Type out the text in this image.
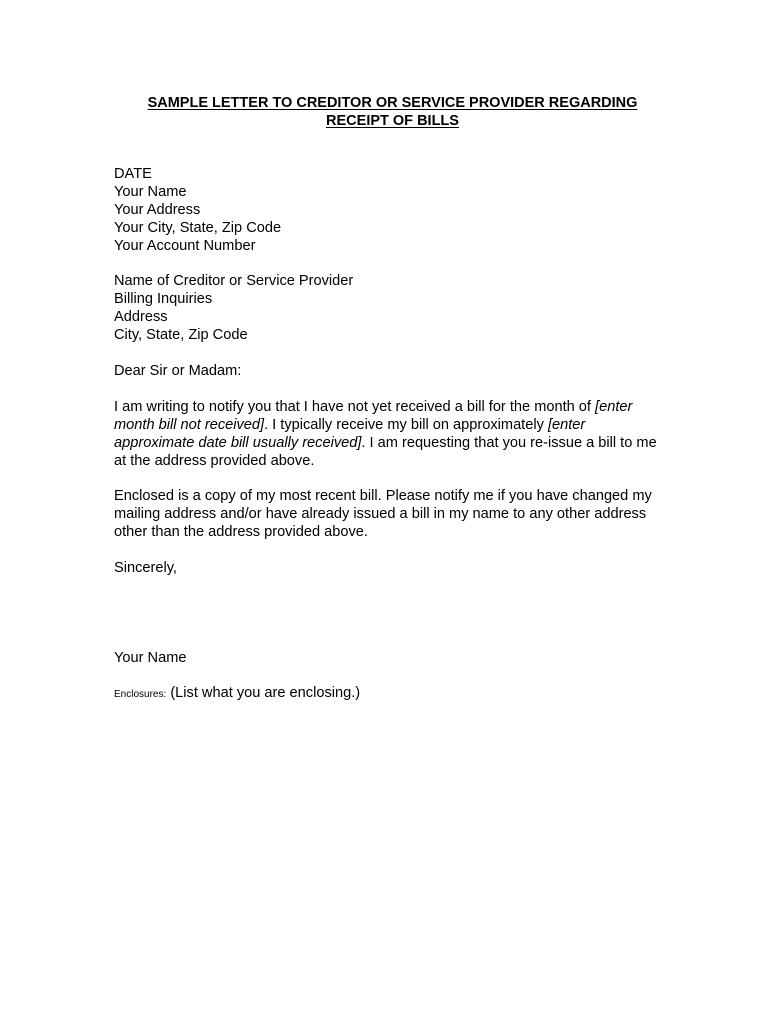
SAMPLE LETTER TO CREDITOR OR SERVICE PROVIDER REGARDING
RECEIPT OF BILLS
DATE
Your Name
Your Address
Your City, State, Zip Code
Your Account Number
Name of Creditor or Service Provider
Billing Inquiries
Address
City, State, Zip Code
Dear Sir or Madam:
I am writing to notify you that I have not yet received a bill for the month of [enter month bill not received]. I typically receive my bill on approximately [enter approximate date bill usually received]. I am requesting that you re-issue a bill to me at the address provided above.
Enclosed is a copy of my most recent bill. Please notify me if you have changed my mailing address and/or have already issued a bill in my name to any other address other than the address provided above.
Sincerely,
Your Name
Enclosures: (List what you are enclosing.)
